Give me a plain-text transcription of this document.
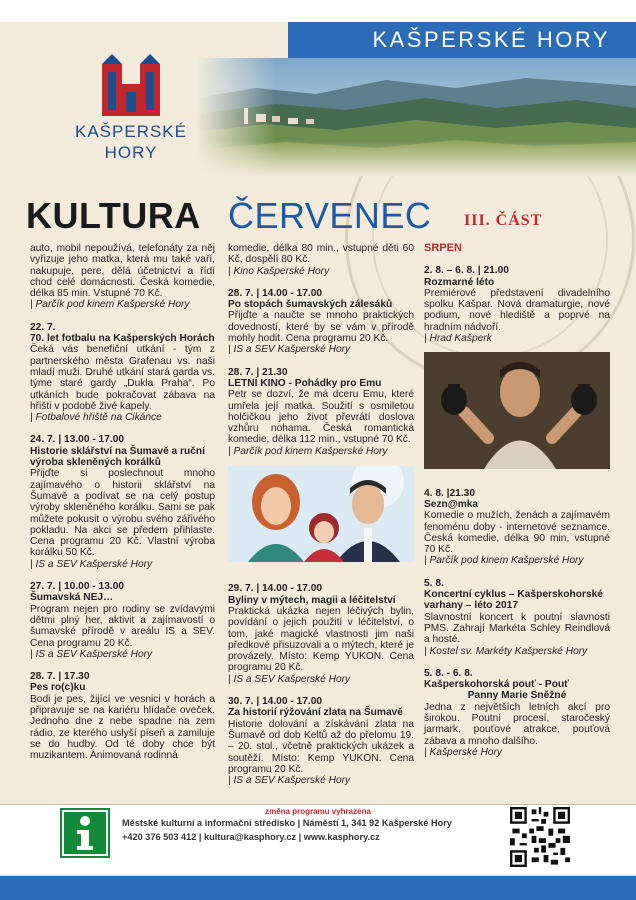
KAŠPERSKÉ HORY
KAŠPERSKÉ
HORY
KULTURA ČERVENEC III. ČÁST
auto, mobil nepoužívá, telefonáty za něj vyřizuje jeho matka, která mu také vaří, nakupuje, pere, dělá účetnictví a řídí chod celé domácnosti. Česká komedie, délka 85 min. Vstupné 70 Kč.
| Parčík pod kinem Kašperské Hory
22. 7.
70. let fotbalu na Kašperských Horách
Čeká vás benefiční utkání - tým z partnerského města Grafenau vs. naši mladí muži. Druhé utkání stará garda vs. týme staré gardy „Dukla Praha“. Po utkáních bude pokračovat zábava na hřišti v podobě živé kapely.
| Fotbalové hřiště na Cikánce
24. 7. | 13.00 - 17.00
Historie sklářství na Šumavě a ruční výroba skleněných korálků
Přijďte si poslechnout mnoho zajímavého o historii sklářství na Šumavě a podívat se na celý postup výroby skleněného korálku. Sami se pak můžete pokusit o výrobu svého zářivého pokladu. Na akci se předem přihlaste. Cena programu 20 Kč. Vlastní výroba korálku 50 Kč.
| IS a SEV Kašperské Hory
27. 7. | 10.00 - 13.00
Šumavská NEJ…
Program nejen pro rodiny se zvídavými dětmi plný her, aktivit a zajímavostí o šumavské přírodě v areálu IS a SEV. Cena programu 20 Kč.
| IS a SEV Kašperské Hory
28. 7. | 17.30
Pes ro(c)ku
Bodi je pes, žijící ve vesnici v horách a připravuje se na kariéru hlídače oveček. Jednoho dne z nebe spadne na zem rádio, ze kterého uslyší píseň a zamiluje se do hudby. Od té doby chce být muzikantem. Animovaná rodinná
komedie, délka 80 min., vstupné děti 60 Kč, dospělí 80 Kč.
| Kino Kašperské Hory
28. 7. | 14.00 - 17.00
Po stopách šumavských zálesáků
Přijďte a naučte se mnoho praktických dovedností, které by se vám v přírodě mohly hodit. Cena programu 20 Kč.
| IS a SEV Kašperské Hory
28. 7. | 21.30
LETNÍ KINO - Pohádky pro Emu
Petr se dozví, že má dceru Emu, které umřela její matka. Soužití s osmiletou holčičkou jeho život převrátí doslova vzhůru nohama. Česká romantická komedie, délka 112 min., vstupné 70 Kč.
| Parčík pod kinem Kašperské Hory
29. 7. | 14.00 - 17.00
Byliny v mýtech, magii a léčitelství
Praktická ukázka nejen léčivých bylin, povídání o jejich použití v léčitelství, o tom, jaké magické vlastnosti jim naši předkové přisuzovali a o mýtech, které je provázely. Místo: Kemp YUKON. Cena programu 20 Kč.
| IS a SEV Kašperské Hory
30. 7. | 14.00 - 17.00
Za historií rýžování zlata na Šumavě
Historie dolování a získávání zlata na Šumavě od dob Keltů až do přelomu 19. – 20. stol., včetně praktických ukázek a soutěží. Místo: Kemp YUKON. Cena programu 20 Kč.
| IS a SEV Kašperské Hory
SRPEN
2. 8. – 6. 8. | 21.00
Rozmarné léto
Premiérové představení divadelního spolku Kašpar. Nová dramaturgie, nové podium, nové hlediště a poprvé na hradním nádvoří.
| Hrad Kašperk
4. 8. |21.30
Sezn@mka
Komedie o mužích, ženách a zajímavém fenoménu doby - internetové seznamce. Česká komedie, délka 90 min, vstupné 70 Kč.
| Parčík pod kinem Kašperské Hory
5. 8.
Koncertní cyklus – Kašperskohorské varhany – léto 2017
Slavnostní koncert k poutní slavnosti PMS. Zahrají Markéta Schley Reindlová a hosté.
| Kostel sv. Markéty Kašperské Hory
5. 8. - 6. 8.
Kašperskohorská pouť - Pouť
Panny Marie Sněžné
Jedna z největších letních akcí pro širokou. Poutní procesí, staročeský jarmark, pouťové atrakce, pouťová zábava a mnoho dalšího.
| Kašperské Hory
změna programu vyhrazena
Městské kulturní a informační středisko | Náměstí 1, 341 92 Kašperské Hory
+420 376 503 412 | kultura@kasphory.cz | www.kasphory.cz
